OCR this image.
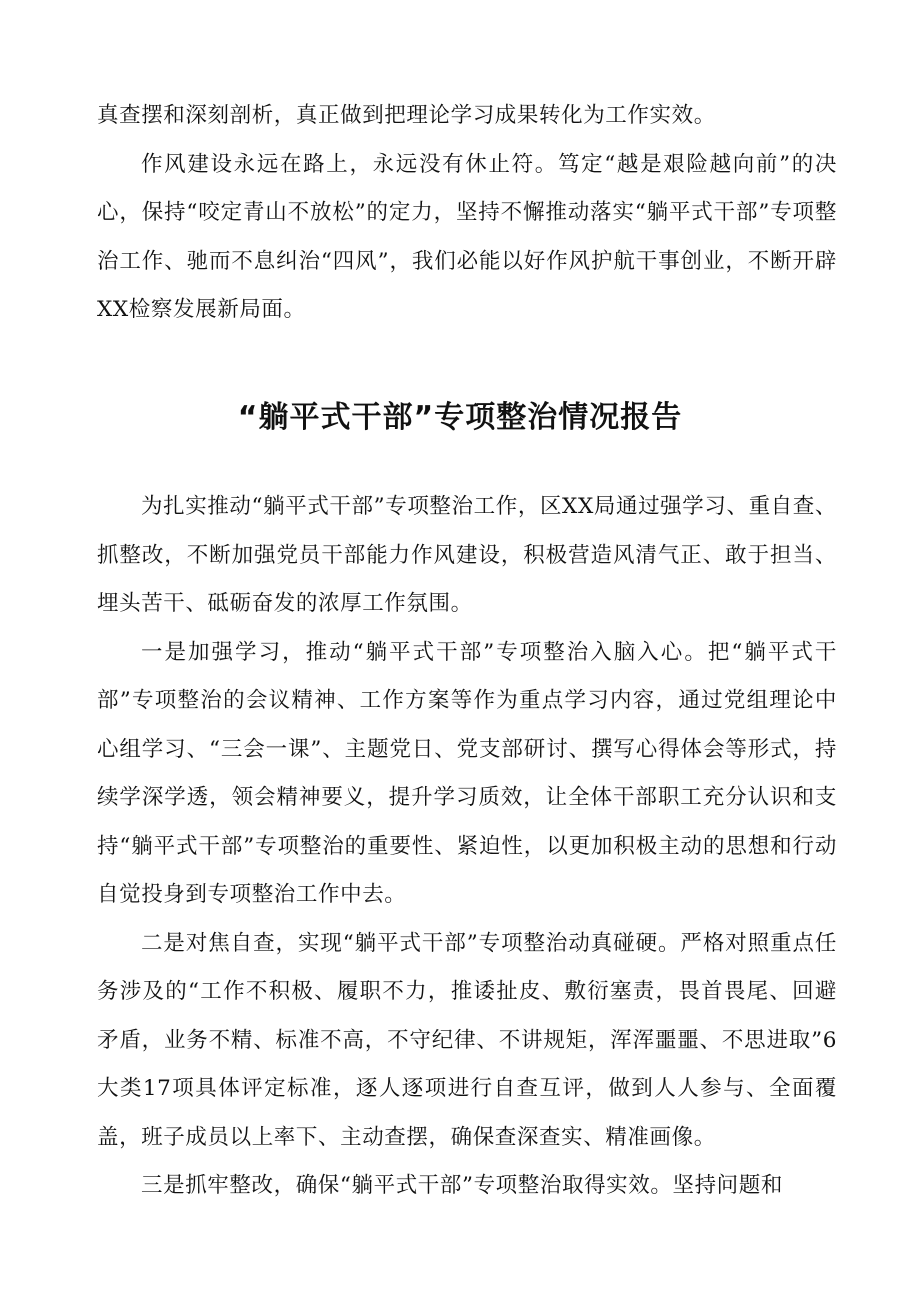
真查摆和深刻剖析，真正做到把理论学习成果转化为工作实效。

作风建设永远在路上，永远没有休止符。笃定“越是艰险越向前”的决心，保持“咬定青山不放松”的定力，坚持不懈推动落实“躺平式干部”专项整治工作、驰而不息纠治“四风”，我们必能以好作风护航干事创业，不断开辟XX检察发展新局面。

“躺平式干部”专项整治情况报告

为扎实推动“躺平式干部”专项整治工作，区XX局通过强学习、重自查、抓整改，不断加强党员干部能力作风建设，积极营造风清气正、敢于担当、埋头苦干、砥砺奋发的浓厚工作氛围。

一是加强学习，推动“躺平式干部”专项整治入脑入心。把“躺平式干部”专项整治的会议精神、工作方案等作为重点学习内容，通过党组理论中心组学习、“三会一课”、主题党日、党支部研讨、撰写心得体会等形式，持续学深学透，领会精神要义，提升学习质效，让全体干部职工充分认识和支持“躺平式干部”专项整治的重要性、紧迫性，以更加积极主动的思想和行动自觉投身到专项整治工作中去。

二是对焦自查，实现“躺平式干部”专项整治动真碰硬。严格对照重点任务涉及的“工作不积极、履职不力，推诿扯皮、敷衍塞责，畏首畏尾、回避矛盾，业务不精、标准不高，不守纪律、不讲规矩，浑浑噩噩、不思进取”6大类17项具体评定标准，逐人逐项进行自查互评，做到人人参与、全面覆盖，班子成员以上率下、主动查摆，确保查深查实、精准画像。

三是抓牢整改，确保“躺平式干部”专项整治取得实效。坚持问题和
